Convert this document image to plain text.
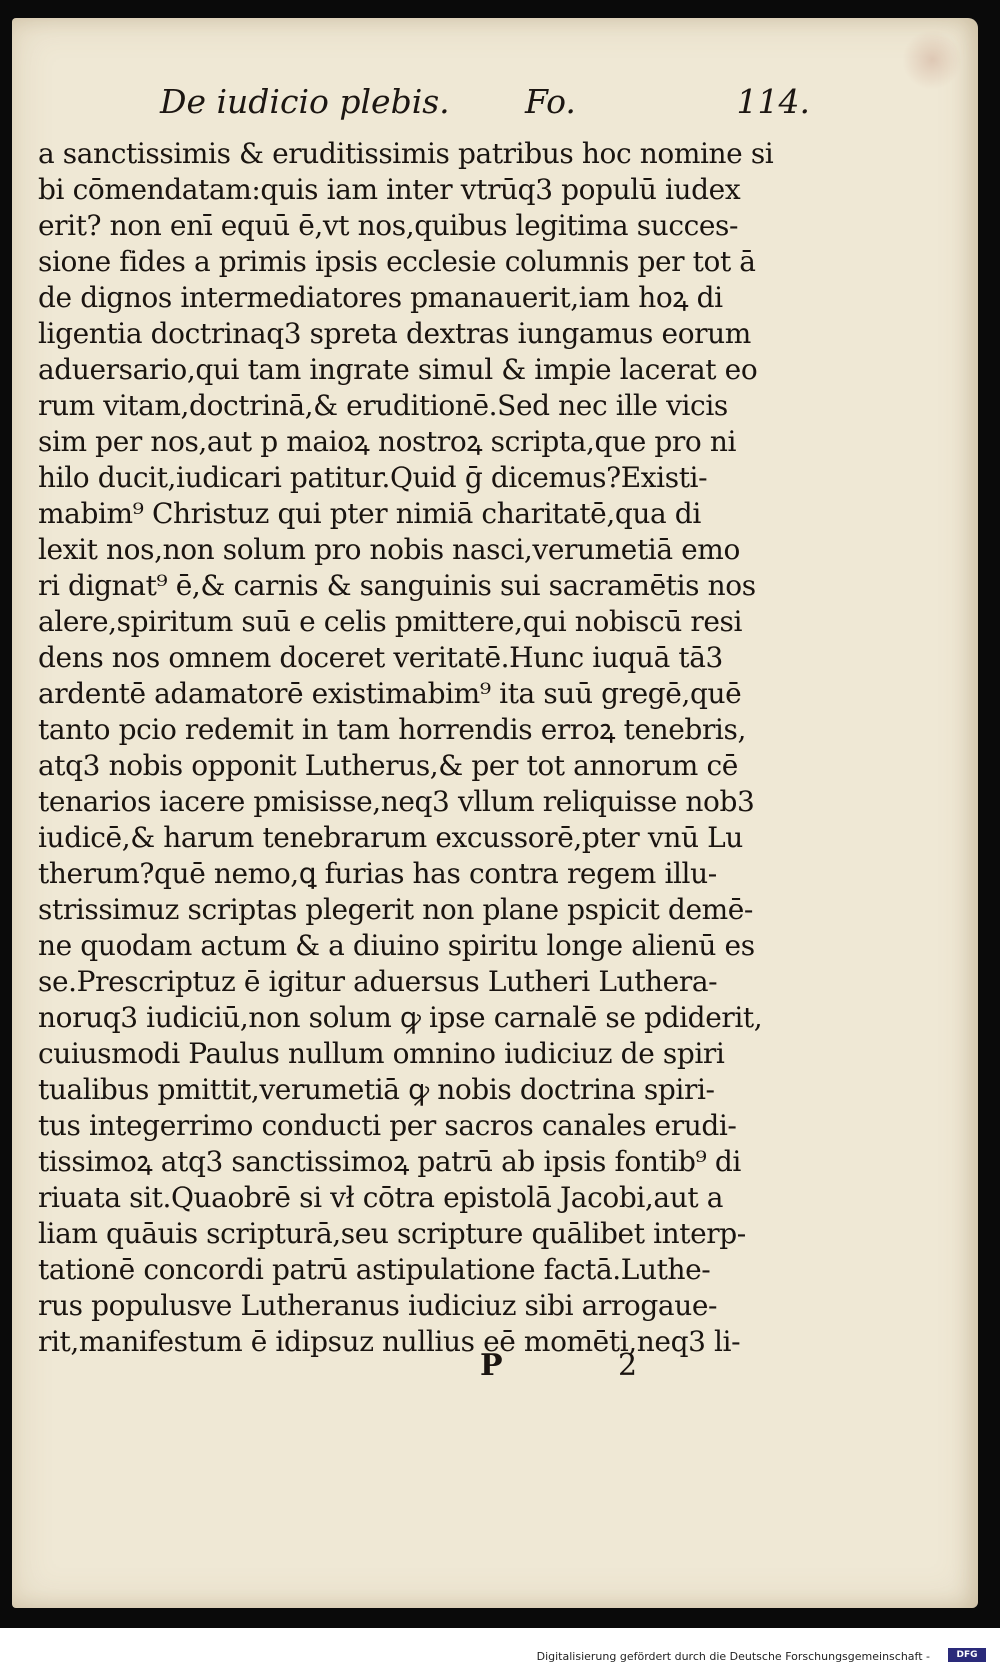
De iudicio plebis. Fo.	114.
a sanctissimis & eruditissimis patribus hoc nomine si
bi cōmendatam:quis iam inter vtrūq3 populū iudex
erit? non enī equū ē,vt nos,quibus legitima succes-
sione fides a primis ipsis ecclesie columnis per tot ā
de dignos intermediatores pmanauerit,iam hoꝝ di
ligentia doctrinaq3 spreta dextras iungamus eorum
aduersario,qui tam ingrate simul & impie lacerat eo
rum vitam,doctrinā,& eruditionē.Sed nec ille vicis
sim per nos,aut p maioꝝ nostroꝝ scripta,que pro ni
hilo ducit,iudicari patitur.Quid ḡ dicemus?Existi-
mabim⁹ Christuz qui pter nimiā charitatē,qua di
lexit nos,non solum pro nobis nasci,verumetiā emo
ri dignat⁹ ē,& carnis & sanguinis sui sacramētis nos
alere,spiritum suū e celis pmittere,qui nobiscū resi
dens nos omnem doceret veritatē.Hunc iuquā tā3
ardentē adamatorē existimabim⁹ ita suū gregē,quē
tanto pcio redemit in tam horrendis erroꝝ tenebris,
atq3 nobis opponit Lutherus,& per tot annorum cē
tenarios iacere pmisisse,neq3 vllum reliquisse nob3
iudicē,& harum tenebrarum excussorē,pter vnū Lu
therum?quē nemo,ꝗ furias has contra regem illu-
strissimuz scriptas plegerit non plane pspicit demē-
ne quodam actum & a diuino spiritu longe alienū es
se.Prescriptuz ē igitur aduersus Lutheri Luthera-
noruq3 iudiciū,non solum ꝙ ipse carnalē se pdiderit,
cuiusmodi Paulus nullum omnino iudiciuz de spiri
tualibus pmittit,verumetiā ꝙ nobis doctrina spiri-
tus integerrimo conducti per sacros canales erudi-
tissimoꝝ atq3 sanctissimoꝝ patrū ab ipsis fontib⁹ di
riuata sit.Quaobrē si vł cōtra epistolā Jacobi,aut a
liam quāuis scripturā,seu scripture quālibet interp-
tationē concordi patrū astipulatione factā.Luthe-
rus populusve Lutheranus iudiciuz sibi arrogaue-
rit,manifestum ē idipsuz nullius eē momēti,neq3 li-
P	2
Digitalisierung gefördert durch die Deutsche Forschungsgemeinschaft -	DFG
